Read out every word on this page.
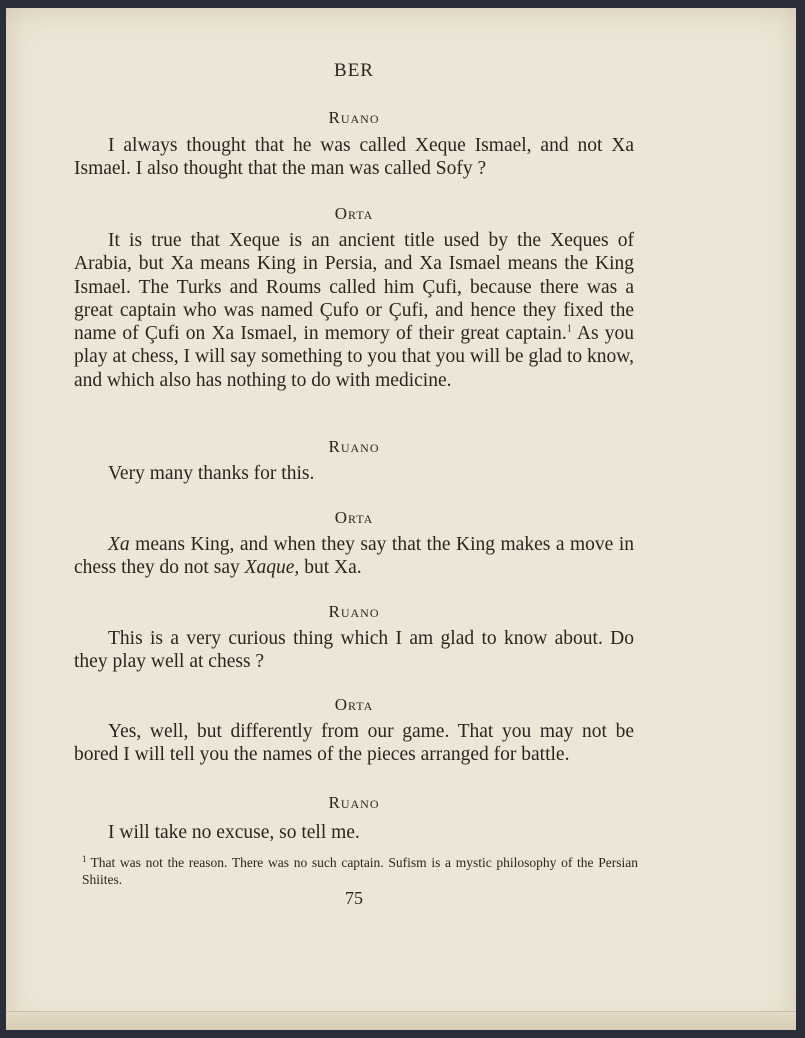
BER
Ruano

I always thought that he was called Xeque Ismael, and not Xa Ismael. I also thought that the man was called Sofy ?

Orta

It is true that Xeque is an ancient title used by the Xeques of Arabia, but Xa means King in Persia, and Xa Ismael means the King Ismael. The Turks and Roums called him Çufi, because there was a great captain who was named Çufo or Çufi, and hence they fixed the name of Çufi on Xa Ismael, in memory of their great captain.$^1$ As you play at chess, I will say something to you that you will be glad to know, and which also has nothing to do with medicine.

Ruano

Very many thanks for this.

Orta

Xa means King, and when they say that the King makes a move in chess they do not say Xaque, but Xa.

Ruano

This is a very curious thing which I am glad to know about. Do they play well at chess ?

Orta

Yes, well, but differently from our game. That you may not be bored I will tell you the names of the pieces arranged for battle.

Ruano

I will take no excuse, so tell me.

$^1$ That was not the reason. There was no such captain. Sufism is a mystic philosophy of the Persian Shiites.

75
